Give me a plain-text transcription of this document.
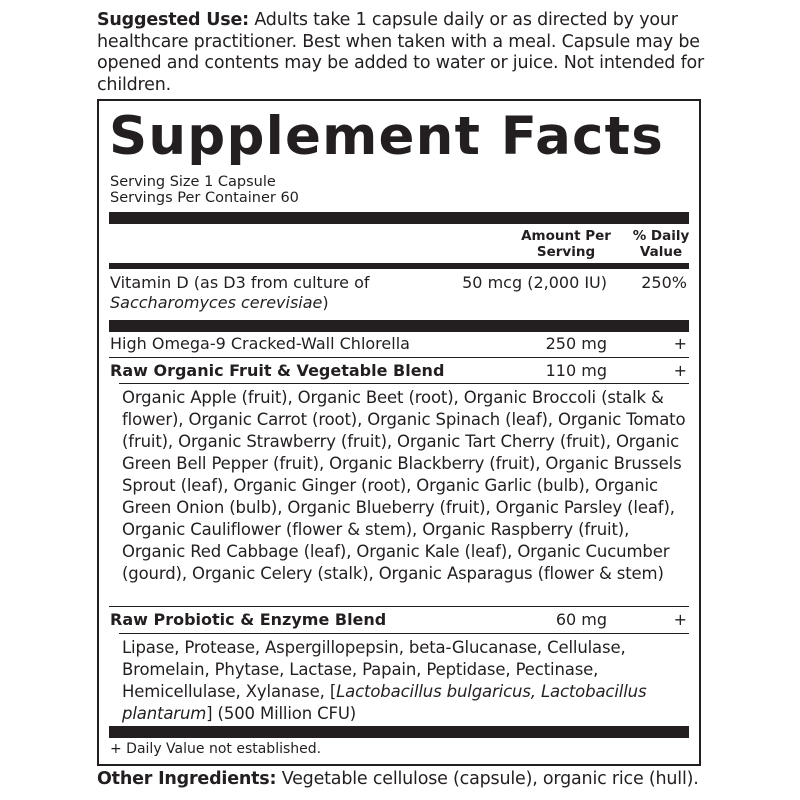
Suggested Use: Adults take 1 capsule daily or as directed by your healthcare practitioner. Best when taken with a meal. Capsule may be opened and contents may be added to water or juice. Not intended for children.
Supplement Facts
Serving Size 1 Capsule
Servings Per Container 60
Amount Per
Serving
% Daily
Value
Vitamin D (as D3 from culture of
Saccharomyces cerevisiae)
50 mcg (2,000 IU) 250%
High Omega-9 Cracked-Wall Chlorella	250 mg	+
Raw Organic Fruit & Vegetable Blend	110 mg	+
Organic Apple (fruit), Organic Beet (root), Organic Broccoli (stalk & flower), Organic Carrot (root), Organic Spinach (leaf), Organic Tomato (fruit), Organic Strawberry (fruit), Organic Tart Cherry (fruit), Organic Green Bell Pepper (fruit), Organic Blackberry (fruit), Organic Brussels Sprout (leaf), Organic Ginger (root), Organic Garlic (bulb), Organic Green Onion (bulb), Organic Blueberry (fruit), Organic Parsley (leaf), Organic Cauliflower (flower & stem), Organic Raspberry (fruit), Organic Red Cabbage (leaf), Organic Kale (leaf), Organic Cucumber (gourd), Organic Celery (stalk), Organic Asparagus (flower & stem)
Raw Probiotic & Enzyme Blend	60 mg	+
Lipase, Protease, Aspergillopepsin, beta-Glucanase, Cellulase, Bromelain, Phytase, Lactase, Papain, Peptidase, Pectinase, Hemicellulase, Xylanase, [Lactobacillus bulgaricus, Lactobacillus plantarum] (500 Million CFU)
+ Daily Value not established.
Other Ingredients: Vegetable cellulose (capsule), organic rice (hull).
